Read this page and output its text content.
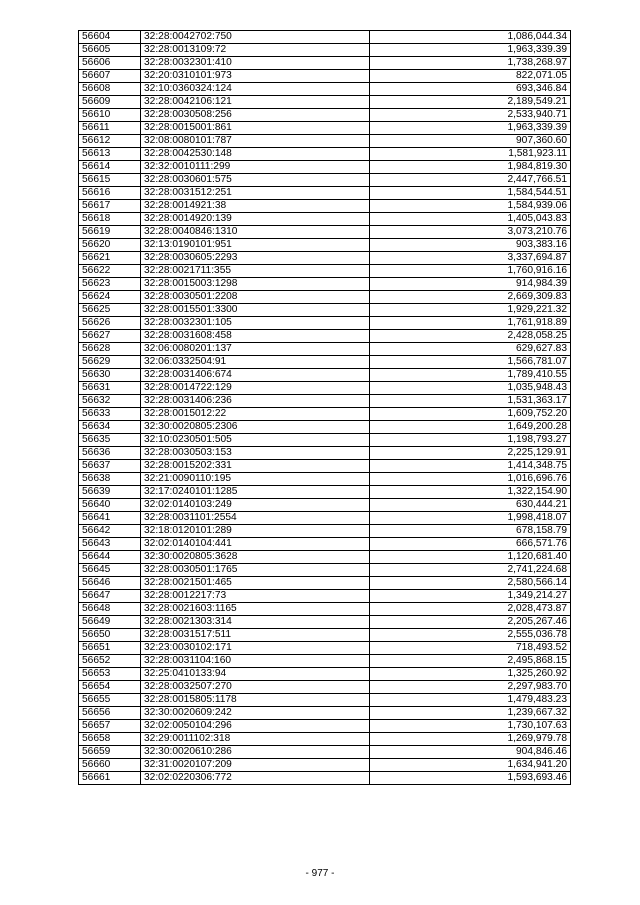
56604	32:28:0042702:750	1,086,044.34
56605	32:28:0013109:72	1,963,339.39
56606	32:28:0032301:410	1,738,268.97
56607	32:20:0310101:973	822,071.05
56608	32:10:0360324:124	693,346.84
56609	32:28:0042106:121	2,189,549.21
56610	32:28:0030508:256	2,533,940.71
56611	32:28:0015001:861	1,963,339.39
56612	32:08:0080101:787	907,360.60
56613	32:28:0042530:148	1,581,923.11
56614	32:32:0010111:299	1,984,819.30
56615	32:28:0030601:575	2,447,766.51
56616	32:28:0031512:251	1,584,544.51
56617	32:28:0014921:38	1,584,939.06
56618	32:28:0014920:139	1,405,043.83
56619	32:28:0040846:1310	3,073,210.76
56620	32:13:0190101:951	903,383.16
56621	32:28:0030605:2293	3,337,694.87
56622	32:28:0021711:355	1,760,916.16
56623	32:28:0015003:1298	914,984.39
56624	32:28:0030501:2208	2,669,309.83
56625	32:28:0015501:3300	1,929,221.32
56626	32:28:0032301:105	1,761,918.89
56627	32:28:0031608:458	2,428,058.25
56628	32:06:0080201:137	629,627.83
56629	32:06:0332504:91	1,566,781.07
56630	32:28:0031406:674	1,789,410.55
56631	32:28:0014722:129	1,035,948.43
56632	32:28:0031406:236	1,531,363.17
56633	32:28:0015012:22	1,609,752.20
56634	32:30:0020805:2306	1,649,200.28
56635	32:10:0230501:505	1,198,793.27
56636	32:28:0030503:153	2,225,129.91
56637	32:28:0015202:331	1,414,348.75
56638	32:21:0090110:195	1,016,696.76
56639	32:17:0240101:1285	1,322,154.90
56640	32:02:0140103:249	630,444.21
56641	32:28:0031101:2554	1,998,418.07
56642	32:18:0120101:289	678,158.79
56643	32:02:0140104:441	666,571.76
56644	32:30:0020805:3628	1,120,681.40
56645	32:28:0030501:1765	2,741,224.68
56646	32:28:0021501:465	2,580,566.14
56647	32:28:0012217:73	1,349,214.27
56648	32:28:0021603:1165	2,028,473.87
56649	32:28:0021303:314	2,205,267.46
56650	32:28:0031517:511	2,555,036.78
56651	32:23:0030102:171	718,493.52
56652	32:28:0031104:160	2,495,868.15
56653	32:25:0410133:94	1,325,260.92
56654	32:28:0032507:270	2,297,983.70
56655	32:28:0015805:1178	1,479,483.23
56656	32:30:0020609:242	1,239,667.32
56657	32:02:0050104:296	1,730,107.63
56658	32:29:0011102:318	1,269,979.78
56659	32:30:0020610:286	904,846.46
56660	32:31:0020107:209	1,634,941.20
56661	32:02:0220306:772	1,593,693.46
- 977 -
